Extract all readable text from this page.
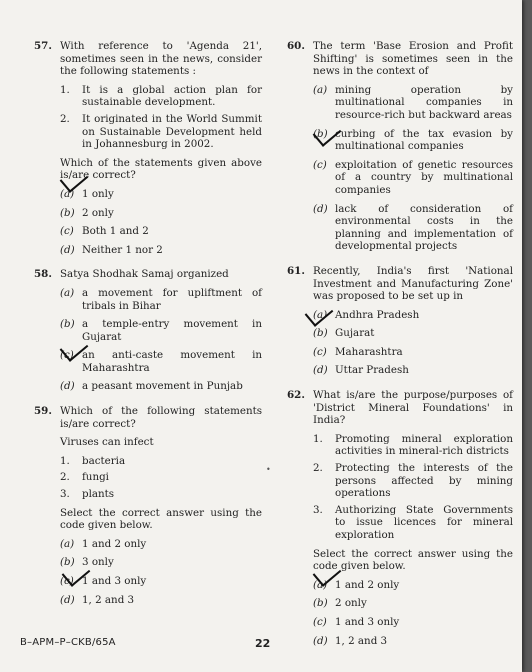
57. With reference to 'Agenda 21', sometimes seen in the news, consider the following statements :
1.	It is a global action plan for sustainable development.
2.	It originated in the World Summit on Sustainable Development held in Johannesburg in 2002.
Which of the statements given above is/are correct?
(a) 1 only
(b) 2 only
(c) Both 1 and 2
(d) Neither 1 nor 2
58. Satya Shodhak Samaj organized
(a) a movement for upliftment of tribals in Bihar
(b) a temple-entry movement in Gujarat
(c) an anti-caste movement in Maharashtra
(d) a peasant movement in Punjab
59. Which of the following statements is/are correct?
Viruses can infect
1.	bacteria
2.	fungi
3.	plants
Select the correct answer using the code given below.
(a) 1 and 2 only
(b) 3 only
(c) 1 and 3 only
(d) 1, 2 and 3
60. The term 'Base Erosion and Profit Shifting' is sometimes seen in the news in the context of
(a) mining operation by multinational companies in resource-rich but backward areas
(b) curbing of the tax evasion by multinational companies
(c) exploitation of genetic resources of a country by multinational companies
(d) lack of consideration of environmental costs in the planning and implementation of developmental projects
61. Recently, India's first 'National Investment and Manufacturing Zone' was proposed to be set up in
(a) Andhra Pradesh
(b) Gujarat
(c) Maharashtra
(d) Uttar Pradesh
62. What is/are the purpose/purposes of 'District Mineral Foundations' in India?
1.	Promoting mineral exploration activities in mineral-rich districts
2.	Protecting the interests of the persons affected by mining operations
3.	Authorizing State Governments to issue licences for mineral exploration
Select the correct answer using the code given below.
(a) 1 and 2 only
(b) 2 only
(c) 1 and 3 only
(d) 1, 2 and 3
•
B–APM–P–CKB/65A	22
